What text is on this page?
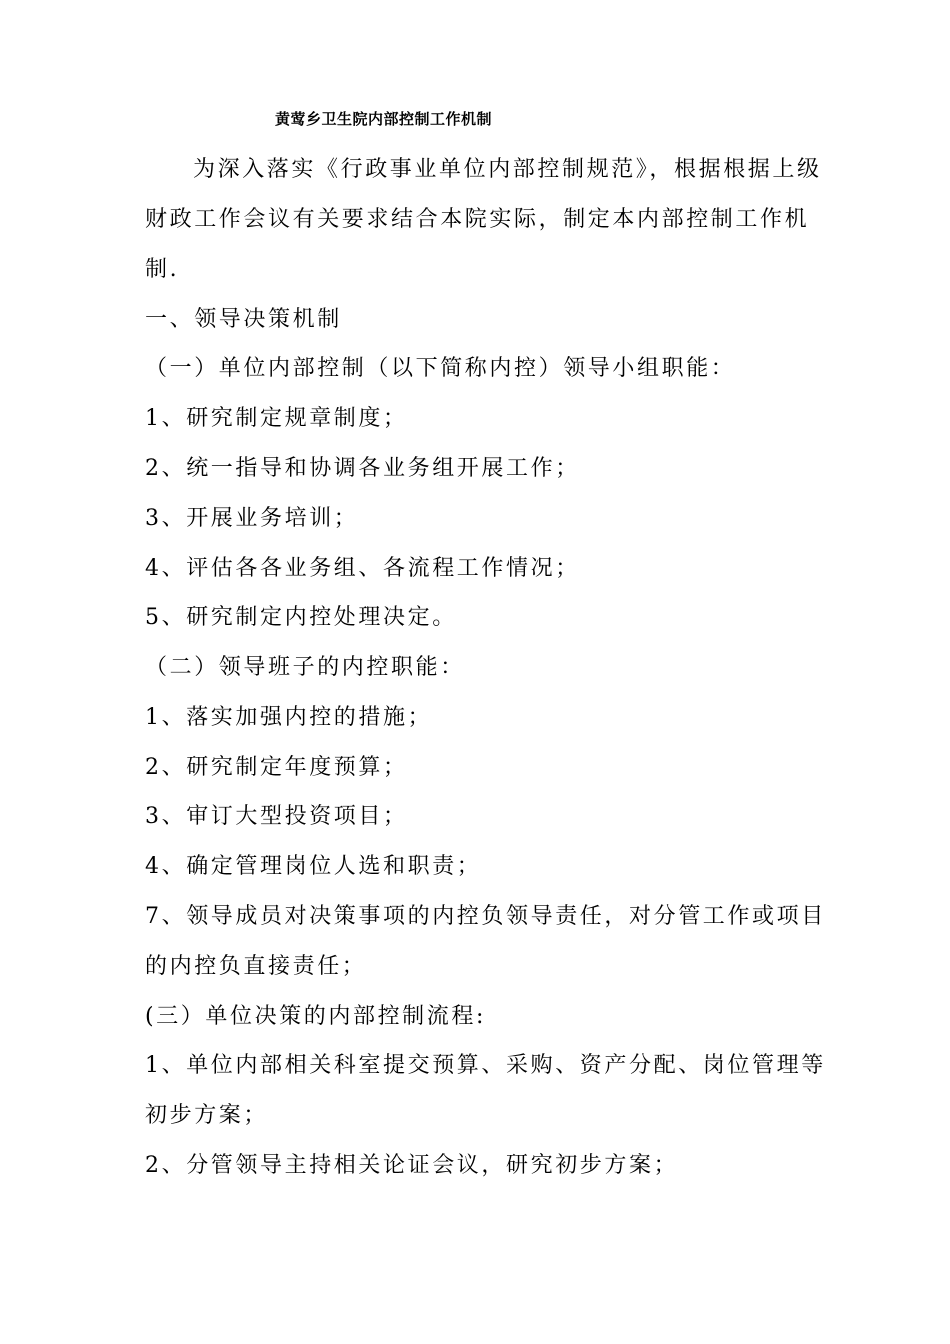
黄莺乡卫生院内部控制工作机制
为深入落实《行政事业单位内部控制规范》，根据根据上级
财政工作会议有关要求结合本院实际，制定本内部控制工作机
制.
一、领导决策机制
（一）单位内部控制（以下简称内控）领导小组职能：
1、研究制定规章制度；
2、统一指导和协调各业务组开展工作；
3、开展业务培训；
4、评估各各业务组、各流程工作情况；
5、研究制定内控处理决定。
（二）领导班子的内控职能：
1、落实加强内控的措施；
2、研究制定年度预算；
3、审订大型投资项目；
4、确定管理岗位人选和职责；
7、领导成员对决策事项的内控负领导责任，对分管工作或项目
的内控负直接责任；
(三）单位决策的内部控制流程:
1、单位内部相关科室提交预算、采购、资产分配、岗位管理等
初步方案；
2、分管领导主持相关论证会议，研究初步方案；
